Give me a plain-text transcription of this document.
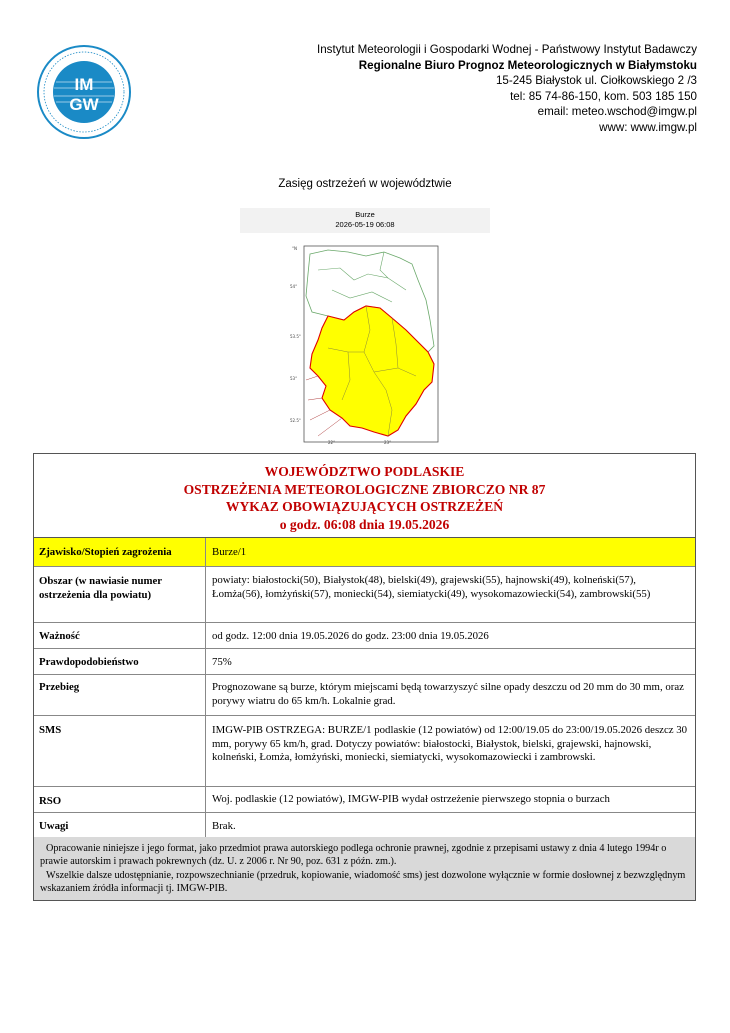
IM
GW
Instytut Meteorologii i Gospodarki Wodnej - Państwowy Instytut Badawczy
Regionalne Biuro Prognoz Meteorologicznych w Białymstoku
15-245 Białystok ul. Ciołkowskiego 2 /3
tel: 85 74-86-150, kom. 503 185 150
email: meteo.wschod@imgw.pl
www: www.imgw.pl
Zasięg ostrzeżeń w województwie
Burze
2026-05-19 06:08
°N
54°
53.5°
53°
52.5°
22°	23°
WOJEWÓDZTWO PODLASKIE
OSTRZEŻENIA METEOROLOGICZNE ZBIORCZO NR 87
WYKAZ OBOWIĄZUJĄCYCH OSTRZEŻEŃ
o godz. 06:08 dnia 19.05.2026
Zjawisko/Stopień zagrożenia	Burze/1
Obszar (w nawiasie numer ostrzeżenia dla powiatu)
powiaty: białostocki(50), Białystok(48), bielski(49), grajewski(55), hajnowski(49), kolneński(57), Łomża(56), łomżyński(57), moniecki(54), siemiatycki(49), wysokomazowiecki(54), zambrowski(55)
Ważność	od godz. 12:00 dnia 19.05.2026 do godz. 23:00 dnia 19.05.2026
Prawdopodobieństwo	75%
Przebieg	Prognozowane są burze, którym miejscami będą towarzyszyć silne opady deszczu od 20 mm do 30 mm, oraz porywy wiatru do 65 km/h. Lokalnie grad.
SMS	IMGW-PIB OSTRZEGA: BURZE/1 podlaskie (12 powiatów) od 12:00/19.05 do 23:00/19.05.2026 deszcz 30 mm, porywy 65 km/h, grad. Dotyczy powiatów: białostocki, Białystok, bielski, grajewski, hajnowski, kolneński, Łomża, łomżyński, moniecki, siemiatycki, wysokomazowiecki i zambrowski.
RSO	Woj. podlaskie (12 powiatów), IMGW-PIB wydał ostrzeżenie pierwszego stopnia o burzach
Uwagi	Brak.

Opracowanie niniejsze i jego format, jako przedmiot prawa autorskiego podlega ochronie prawnej, zgodnie z przepisami ustawy z dnia 4 lutego 1994r o prawie autorskim i prawach pokrewnych (dz. U. z 2006 r. Nr 90, poz. 631 z późn. zm.).

Wszelkie dalsze udostępnianie, rozpowszechnianie (przedruk, kopiowanie, wiadomość sms) jest dozwolone wyłącznie w formie dosłownej z bezwzględnym wskazaniem źródła informacji tj. IMGW-PIB.
